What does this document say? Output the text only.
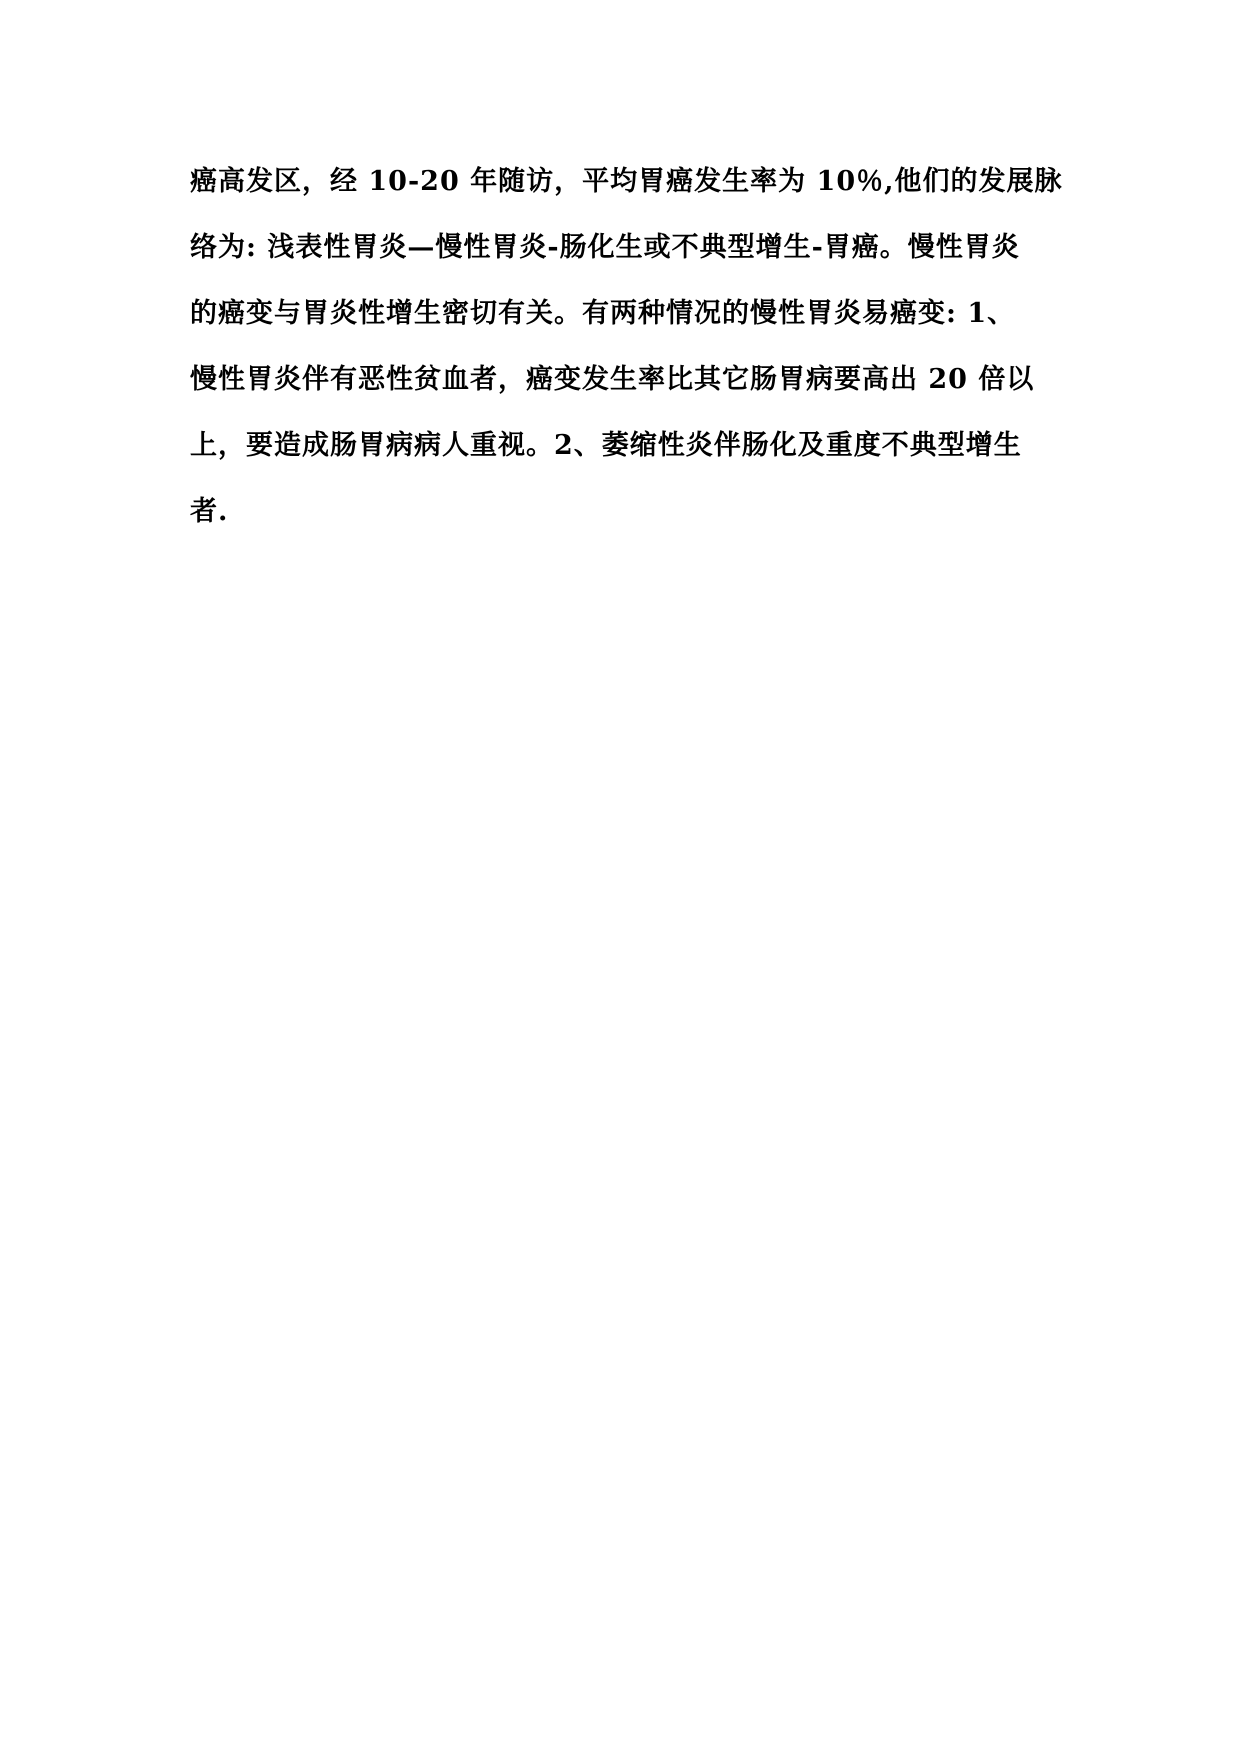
癌高发区，经 10-20 年随访，平均胃癌发生率为 10％,他们的发展脉
络为: 浅表性胃炎—慢性胃炎-肠化生或不典型增生-胃癌。慢性胃炎
的癌变与胃炎性增生密切有关。有两种情况的慢性胃炎易癌变: 1、
慢性胃炎伴有恶性贫血者，癌变发生率比其它肠胃病要高出 20 倍以
上，要造成肠胃病病人重视。2、萎缩性炎伴肠化及重度不典型增生
者.
